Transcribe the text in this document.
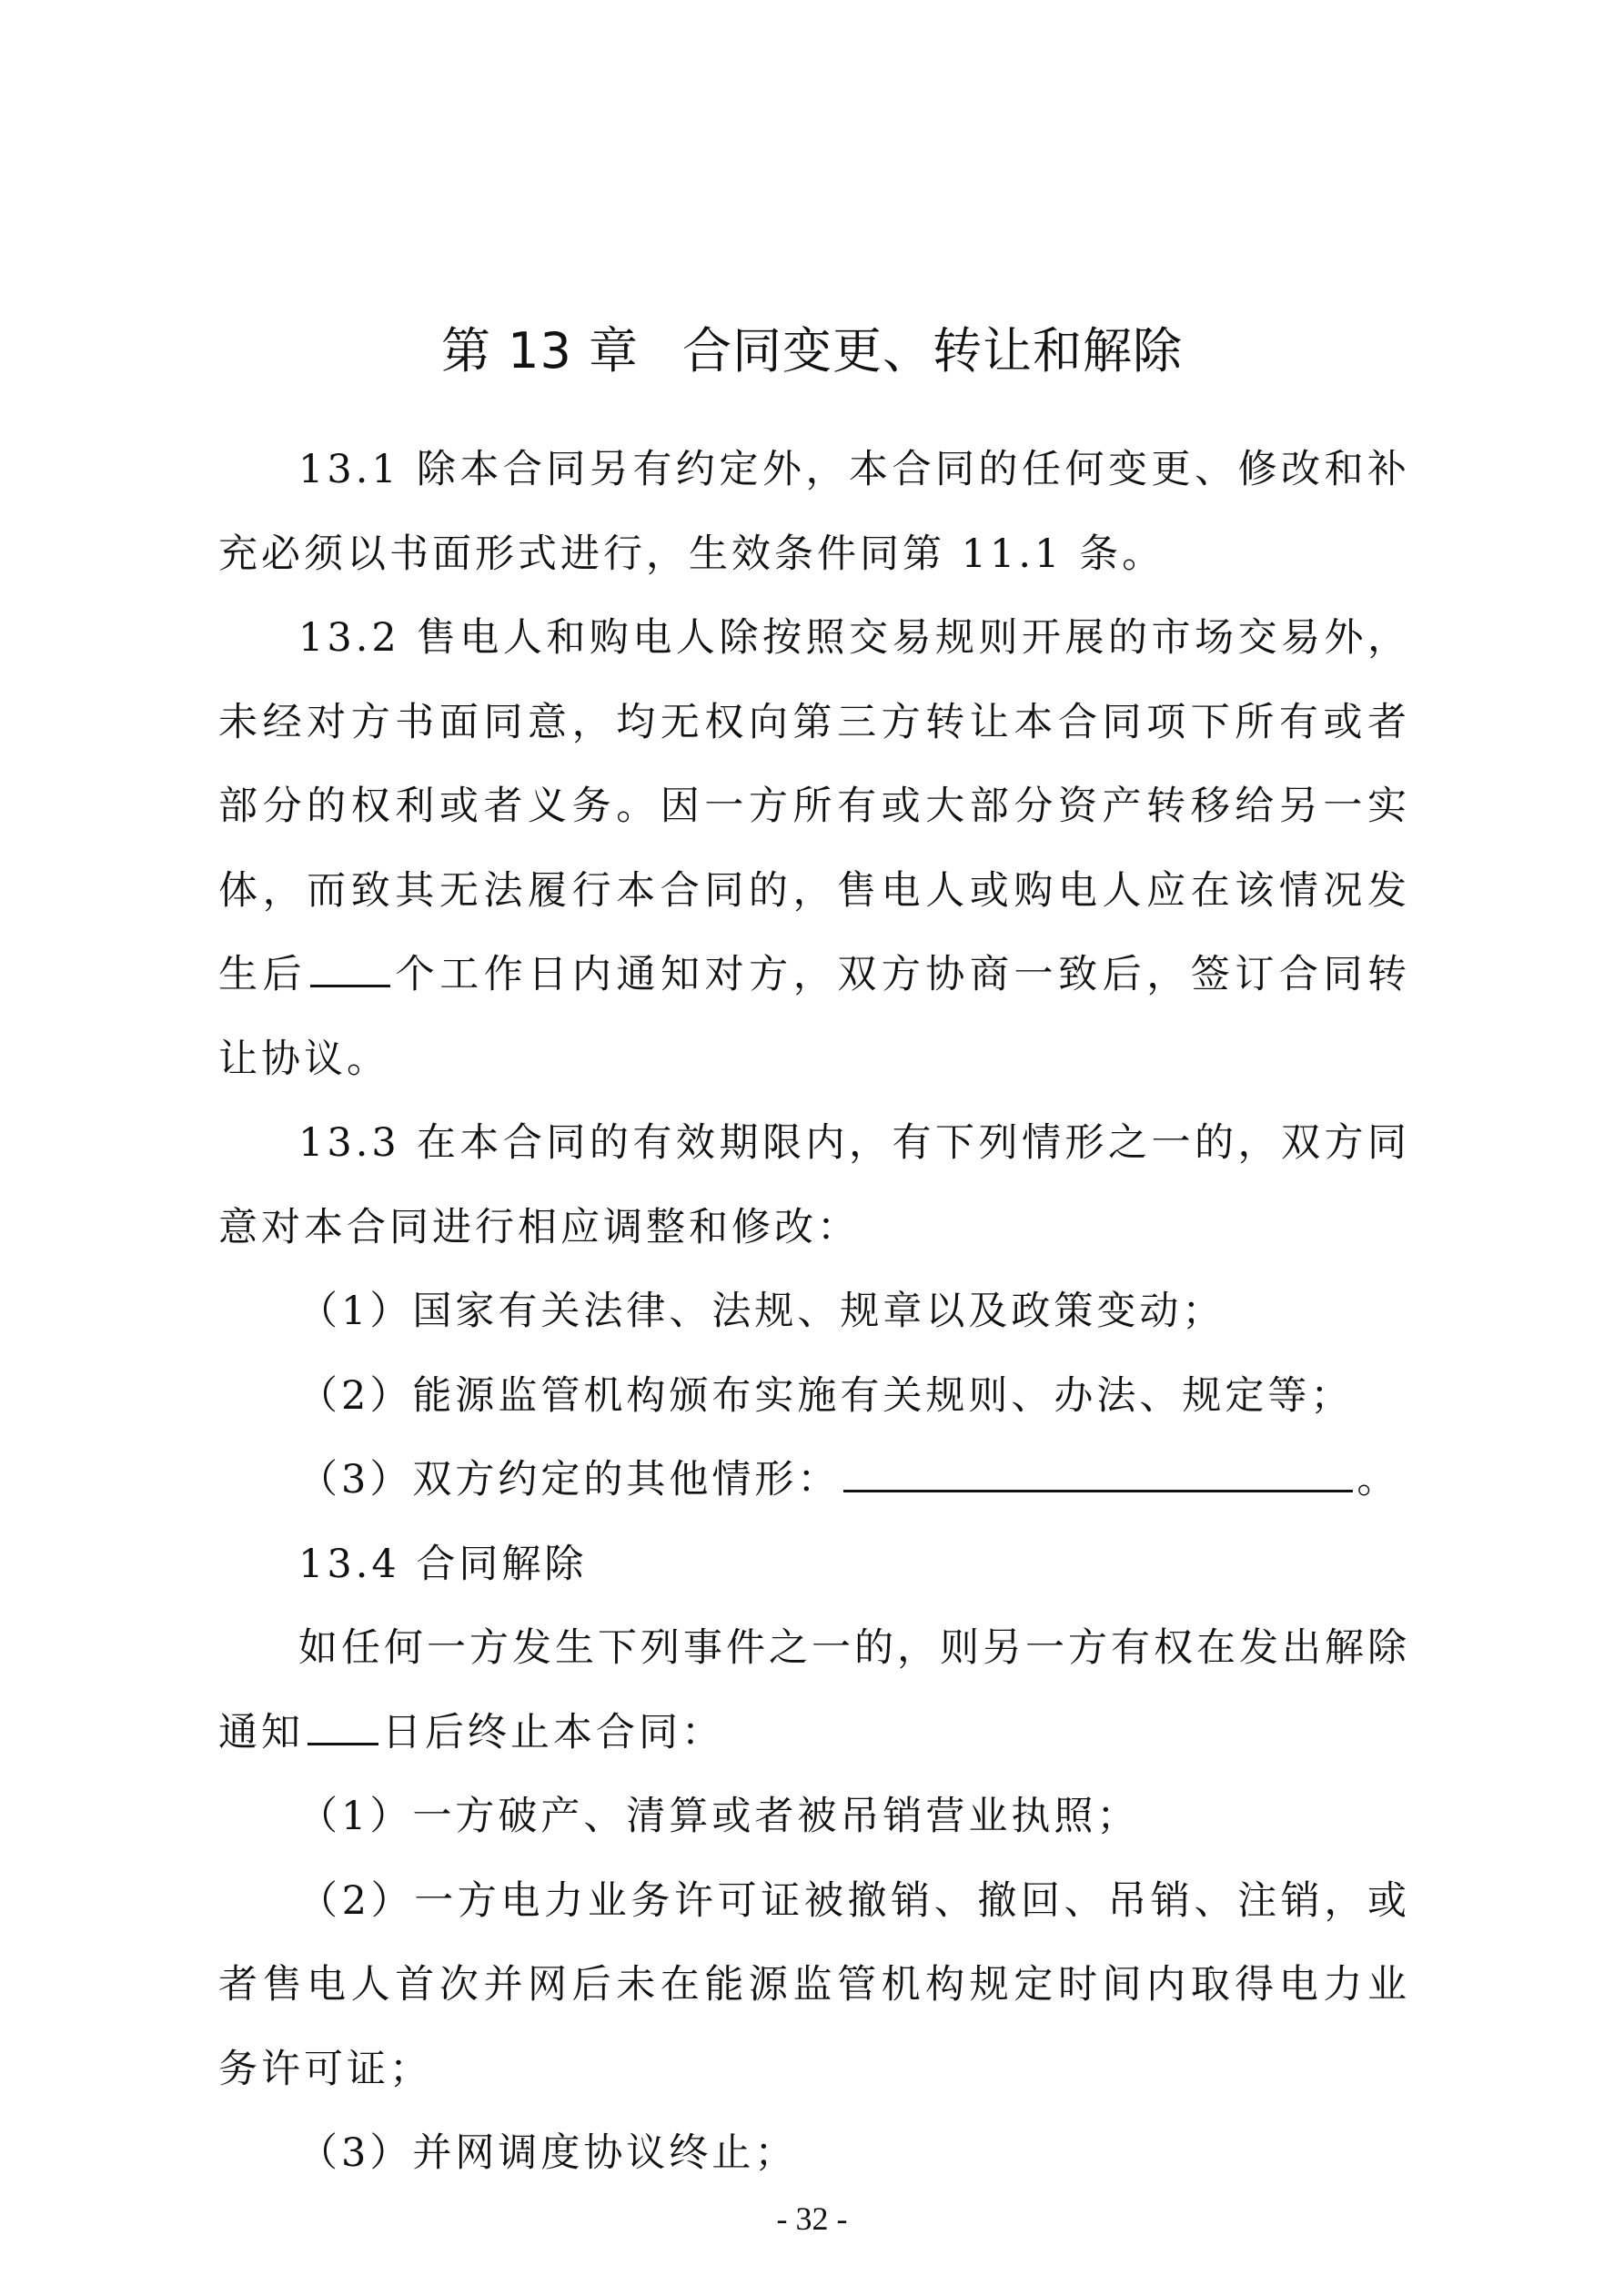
第 13 章 合同变更、转让和解除

13.1 除本合同另有约定外，本合同的任何变更、修改和补充必须以书面形式进行，生效条件同第 11.1 条。

13.2 售电人和购电人除按照交易规则开展的市场交易外，未经对方书面同意，均无权向第三方转让本合同项下所有或者部分的权利或者义务。因一方所有或大部分资产转移给另一实体，而致其无法履行本合同的，售电人或购电人应在该情况发生后 个工作日内通知对方，双方协商一致后，签订合同转让协议。

13.3 在本合同的有效期限内，有下列情形之一的，双方同意对本合同进行相应调整和修改：

（1）国家有关法律、法规、规章以及政策变动；

（2）能源监管机构颁布实施有关规则、办法、规定等；

（3）双方约定的其他情形：	。

13.4 合同解除

如任何一方发生下列事件之一的，则另一方有权在发出解除通知 日后终止本合同：

（1）一方破产、清算或者被吊销营业执照；

（2）一方电力业务许可证被撤销、撤回、吊销、注销，或者售电人首次并网后未在能源监管机构规定时间内取得电力业务许可证；

（3）并网调度协议终止；

- 32 -
